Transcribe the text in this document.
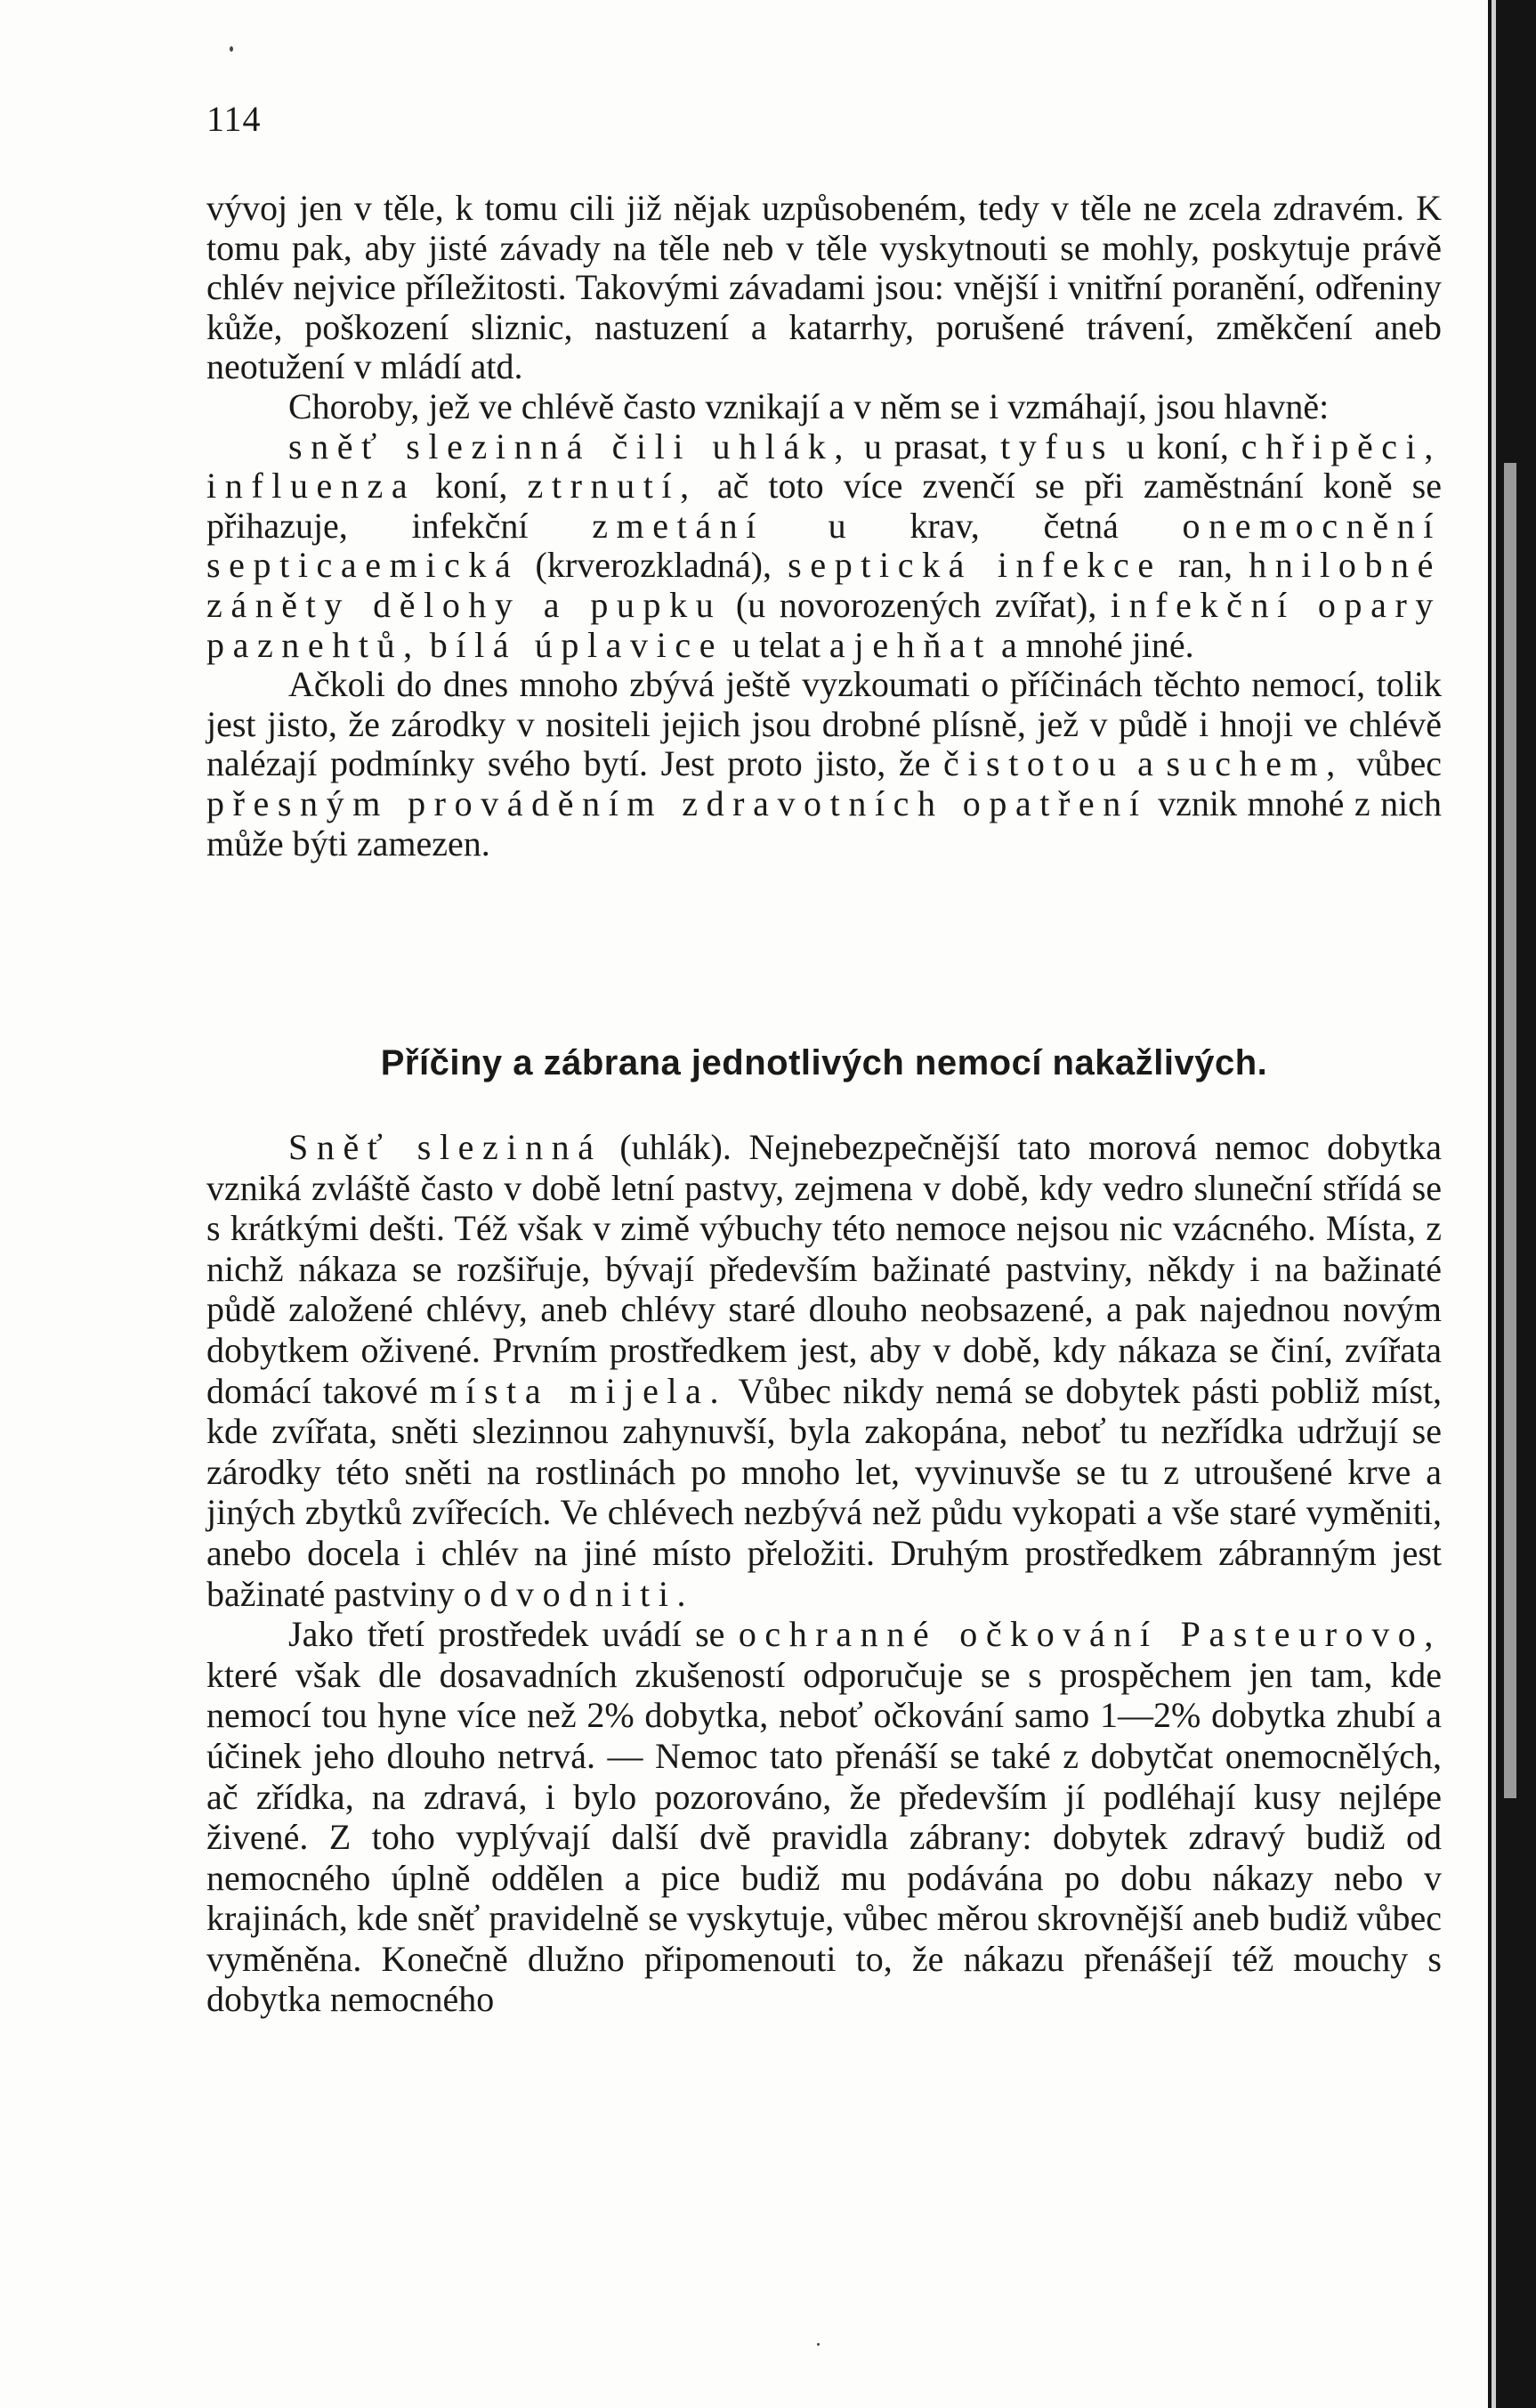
114

vývoj jen v těle, k tomu cili již nějak uzpůsobeném, tedy v těle ne zcela zdravém. K tomu pak, aby jisté závady na těle neb v těle vyskytnouti se mohly, poskytuje právě chlév nejvice příležitosti. Takovými závadami jsou: vnější i vnitřní poranění, odřeniny kůže, poškození sliznic, nastuzení a katarrhy, porušené trávení, změkčení aneb neotužení v mládí atd.

Choroby, jež ve chlévě často vznikají a v něm se i vzmáhají, jsou hlavně:

sněť slezinná čili uhlák, u prasat, tyfus u koní, chřipěci, influenza koní, ztrnutí, ač toto více zvenčí se při zaměstnání koně se přihazuje, infekční zmetání u krav, četná onemocnění septicaemická (krverozkladná), septická infekce ran, hnilobné záněty dělohy a pupku (u novorozených zvířat), infekční opary paznehtů, bílá úplavice u telat a jehňat a mnohé jiné.

Ačkoli do dnes mnoho zbývá ještě vyzkoumati o příčinách těchto nemocí, tolik jest jisto, že zárodky v nositeli jejich jsou drobné plísně, jež v půdě i hnoji ve chlévě nalézají podmínky svého bytí. Jest proto jisto, že čistotou a suchem, vůbec přesným prováděním zdravotních opatření vznik mnohé z nich může býti zamezen.

Příčiny a zábrana jednotlivých nemocí nakažlivých.

Sněť slezinná (uhlák). Nejnebezpečnější tato morová nemoc dobytka vzniká zvláště často v době letní pastvy, zejmena v době, kdy vedro sluneční střídá se s krátkými dešti. Též však v zimě výbuchy této nemoce nejsou nic vzácného. Místa, z nichž nákaza se rozšiřuje, bývají především bažinaté pastviny, někdy i na bažinaté půdě založené chlévy, aneb chlévy staré dlouho neobsazené, a pak najednou novým dobytkem oživené. Prvním prostředkem jest, aby v době, kdy nákaza se činí, zvířata domácí takové místa mijela. Vůbec nikdy nemá se dobytek pásti pobliž míst, kde zvířata, sněti slezinnou zahynuvší, byla zakopána, neboť tu nezřídka udržují se zárodky této sněti na rostlinách po mnoho let, vyvinuvše se tu z utroušené krve a jiných zbytků zvířecích. Ve chlévech nezbývá než půdu vykopati a vše staré vyměniti, anebo docela i chlév na jiné místo přeložiti. Druhým prostředkem zábranným jest bažinaté pastviny odvodniti.

Jako třetí prostředek uvádí se ochranné očkování Pasteurovo, které však dle dosavadních zkušeností odporučuje se s prospěchem jen tam, kde nemocí tou hyne více než 2% dobytka, neboť očkování samo 1—2% dobytka zhubí a účinek jeho dlouho netrvá. — Nemoc tato přenáší se také z dobytčat onemocnělých, ač zřídka, na zdravá, i bylo pozorováno, že především jí podléhají kusy nejlépe živené. Z toho vyplývají další dvě pravidla zábrany: dobytek zdravý budiž od nemocného úplně oddělen a pice budiž mu podávána po dobu nákazy nebo v krajinách, kde sněť pravidelně se vyskytuje, vůbec měrou skrovnější aneb budiž vůbec vyměněna. Konečně dlužno připomenouti to, že nákazu přenášejí též mouchy s dobytka nemocného
